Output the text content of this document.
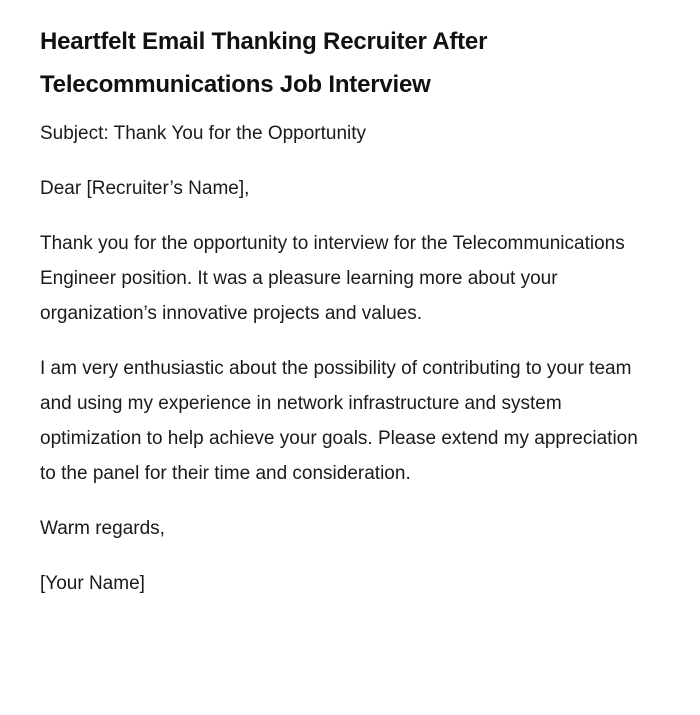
Heartfelt Email Thanking Recruiter After Telecommunications Job Interview

Subject: Thank You for the Opportunity

Dear [Recruiter’s Name],

Thank you for the opportunity to interview for the Telecommunications Engineer position. It was a pleasure learning more about your organization’s innovative projects and values.

I am very enthusiastic about the possibility of contributing to your team and using my experience in network infrastructure and system optimization to help achieve your goals. Please extend my appreciation to the panel for their time and consideration.

Warm regards,

[Your Name]
